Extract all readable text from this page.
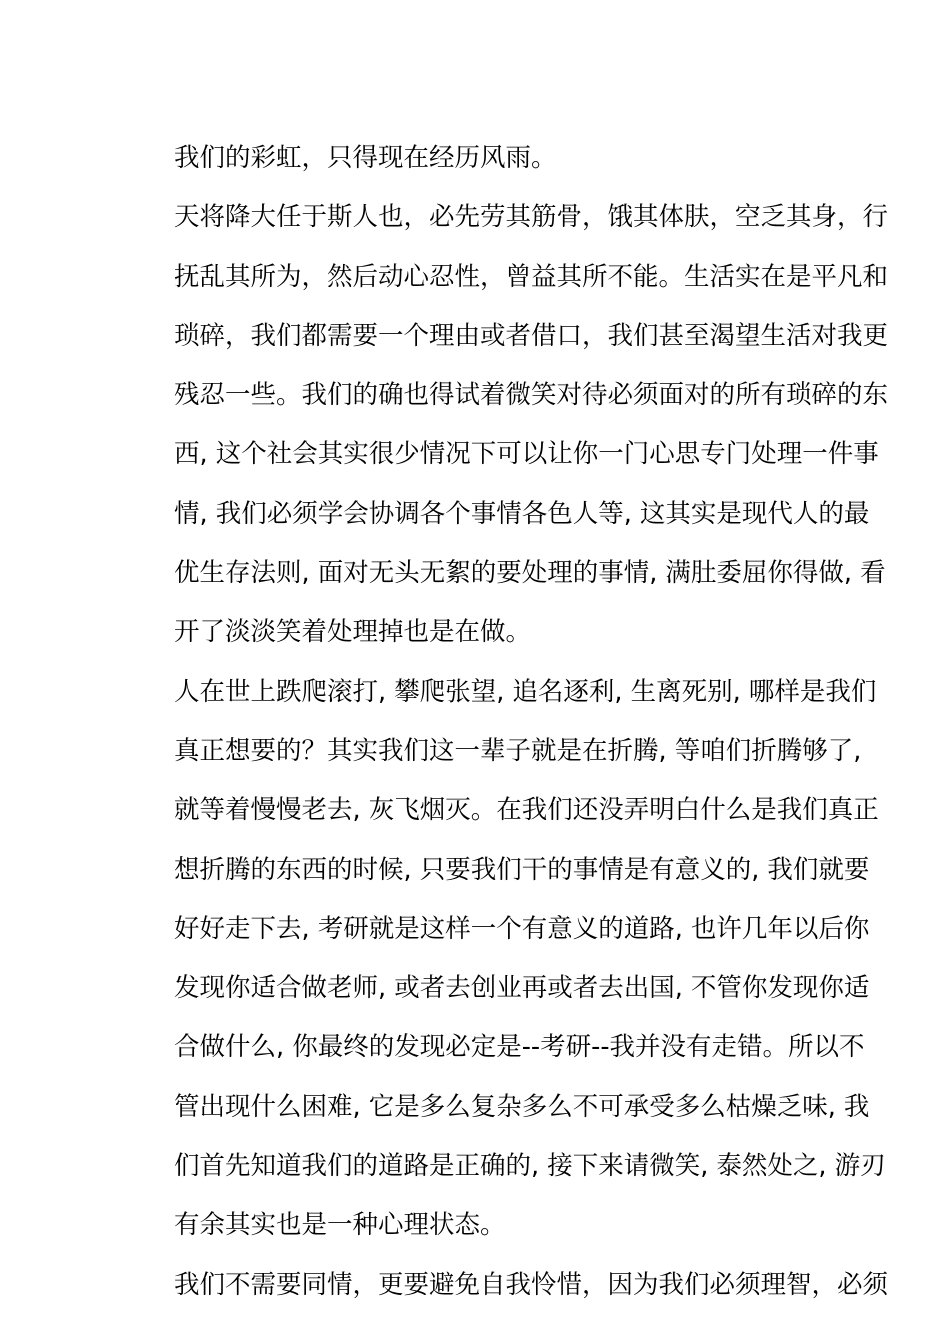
我们的彩虹，只得现在经历风雨。
天将降大任于斯人也，必先劳其筋骨，饿其体肤，空乏其身，行
抚乱其所为，然后动心忍性，曾益其所不能。生活实在是平凡和
琐碎，我们都需要一个理由或者借口，我们甚至渴望生活对我更
残忍一些。我们的确也得试着微笑对待必须面对的所有琐碎的东
西, 这个社会其实很少情况下可以让你一门心思专门处理一件事
情, 我们必须学会协调各个事情各色人等, 这其实是现代人的最
优生存法则, 面对无头无絮的要处理的事情, 满肚委屈你得做, 看
开了淡淡笑着处理掉也是在做。
人在世上跌爬滚打, 攀爬张望, 追名逐利, 生离死别, 哪样是我们
真正想要的？其实我们这一辈子就是在折腾, 等咱们折腾够了,
就等着慢慢老去, 灰飞烟灭。在我们还没弄明白什么是我们真正
想折腾的东西的时候, 只要我们干的事情是有意义的, 我们就要
好好走下去, 考研就是这样一个有意义的道路, 也许几年以后你
发现你适合做老师, 或者去创业再或者去出国, 不管你发现你适
合做什么, 你最终的发现必定是--考研--我并没有走错。所以不
管出现什么困难, 它是多么复杂多么不可承受多么枯燥乏味, 我
们首先知道我们的道路是正确的, 接下来请微笑, 泰然处之, 游刃
有余其实也是一种心理状态。
我们不需要同情，更要避免自我怜惜，因为我们必须理智，必须
